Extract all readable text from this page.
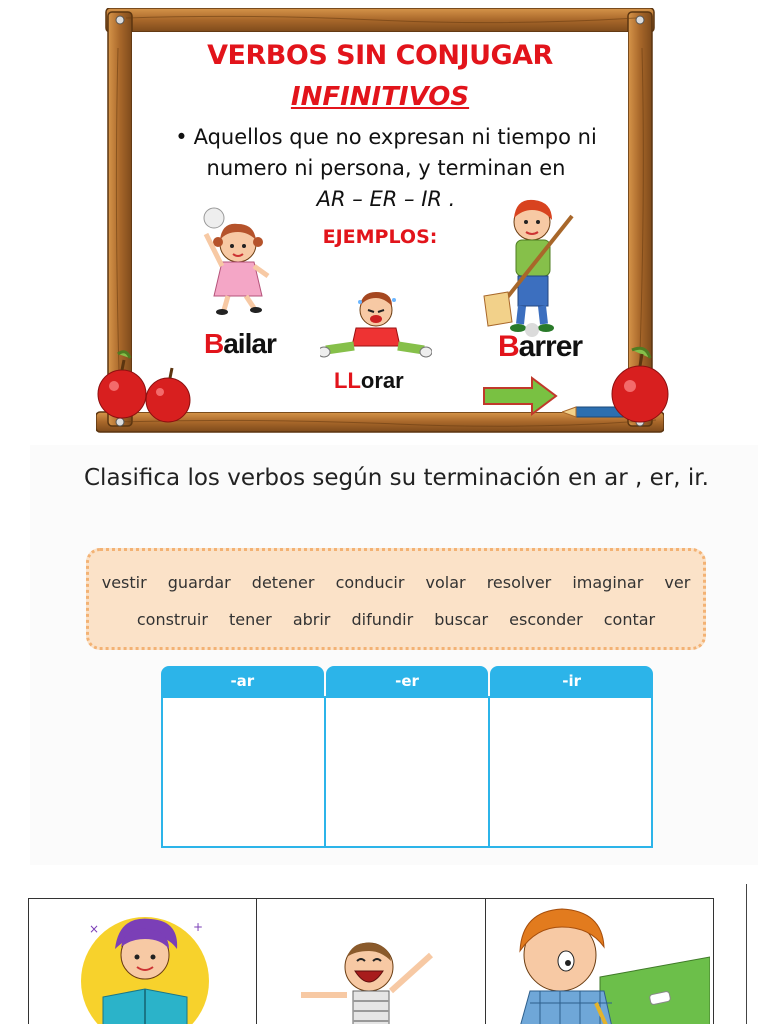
VERBOS SIN CONJUGAR
INFINITIVOS
• Aquellos que no expresan ni tiempo ni
numero ni persona, y terminan en
AR – ER – IR .
EJEMPLOS:
Bailar	Barrer
LLorar
Clasifica los verbos según su terminación en ar , er, ir.
vestir guardar detener conducir volar resolver imaginar ver
construir tener abrir difundir buscar esconder contar
-ar	-er	-ir
×	+
